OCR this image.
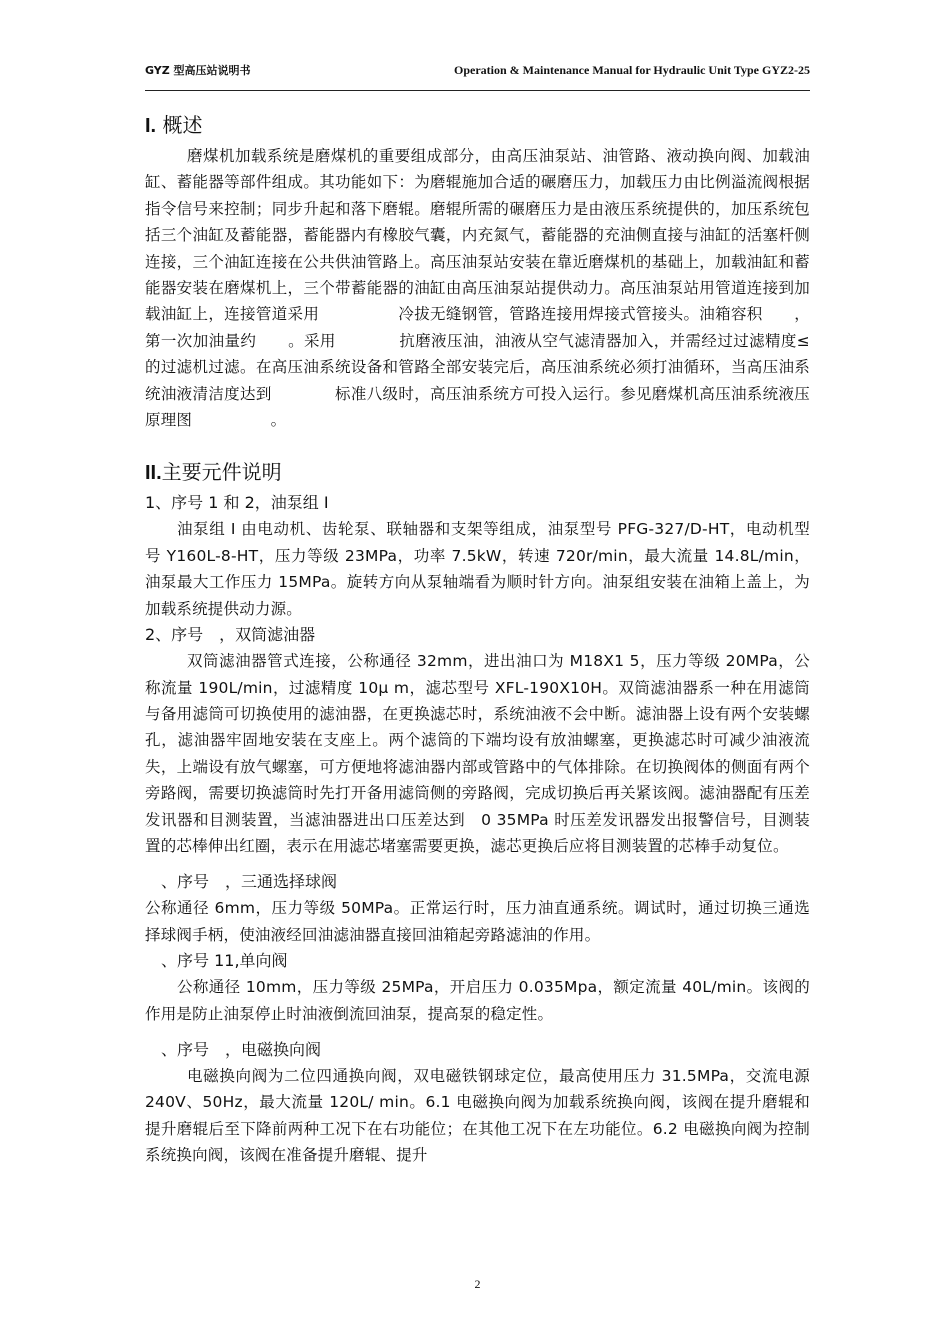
GYZ 型高压站说明书	Operation & Maintenance Manual for Hydraulic Unit Type GYZ2-25
I. 概述

磨煤机加载系统是磨煤机的重要组成部分，由高压油泵站、油管路、液动换向阀、加载油缸、蓄能器等部件组成。其功能如下：为磨辊施加合适的碾磨压力，加载压力由比例溢流阀根据指令信号来控制；同步升起和落下磨辊。磨辊所需的碾磨压力是由液压系统提供的，加压系统包括三个油缸及蓄能器，蓄能器内有橡胶气囊，内充氮气，蓄能器的充油侧直接与油缸的活塞杆侧连接，三个油缸连接在公共供油管路上。高压油泵站安装在靠近磨煤机的基础上，加载油缸和蓄能器安装在磨煤机上，三个带蓄能器的油缸由高压油泵站提供动力。高压油泵站用管道连接到加载油缸上，连接管道采用　　　　　冷拔无缝钢管，管路连接用焊接式管接头。油箱容积　　，第一次加油量约　　。采用　　　　抗磨液压油，油液从空气滤清器加入，并需经过过滤精度≤　　　的过滤机过滤。在高压油系统设备和管路全部安装完后，高压油系统必须打油循环，当高压油系统油液清洁度达到　　　　标准八级时，高压油系统方可投入运行。参见磨煤机高压油系统液压原理图　　　　　。

II.主要元件说明
1、序号 1 和 2，油泵组 I

油泵组 I 由电动机、齿轮泵、联轴器和支架等组成，油泵型号 PFG-327/D-HT，电动机型号 Y160L-8-HT，压力等级 23MPa，功率 7.5kW，转速 720r/min，最大流量 14.8L/min，油泵最大工作压力 15MPa。旋转方向从泵轴端看为顺时针方向。油泵组安装在油箱上盖上，为加载系统提供动力源。

2、序号　，双筒滤油器

双筒滤油器管式连接，公称通径 32mm，进出油口为 M18X1 5，压力等级 20MPa，公称流量 190L/min，过滤精度 10μ m，滤芯型号 XFL-190X10H。双筒滤油器系一种在用滤筒与备用滤筒可切换使用的滤油器，在更换滤芯时，系统油液不会中断。滤油器上设有两个安装螺孔，滤油器牢固地安装在支座上。两个滤筒的下端均设有放油螺塞，更换滤芯时可减少油液流失，上端设有放气螺塞，可方便地将滤油器内部或管路中的气体排除。在切换阀体的侧面有两个旁路阀，需要切换滤筒时先打开备用滤筒侧的旁路阀，完成切换后再关紧该阀。滤油器配有压差发讯器和目测装置，当滤油器进出口压差达到　0 35MPa 时压差发讯器发出报警信号，目测装置的芯棒伸出红圈，表示在用滤芯堵塞需要更换，滤芯更换后应将目测装置的芯棒手动复位。

　、序号　，三通选择球阀

公称通径 6mm，压力等级 50MPa。正常运行时，压力油直通系统。调试时，通过切换三通选择球阀手柄，使油液经回油滤油器直接回油箱起旁路滤油的作用。

　、序号 11,单向阀

公称通径 10mm，压力等级 25MPa，开启压力 0.035Mpa，额定流量 40L/min。该阀的作用是防止油泵停止时油液倒流回油泵，提高泵的稳定性。

　、序号　，电磁换向阀

电磁换向阀为二位四通换向阀，双电磁铁钢球定位，最高使用压力 31.5MPa，交流电源 240V、50Hz，最大流量 120L/ min。6.1 电磁换向阀为加载系统换向阀，该阀在提升磨辊和提升磨辊后至下降前两种工况下在右功能位；在其他工况下在左功能位。6.2 电磁换向阀为控制系统换向阀，该阀在准备提升磨辊、提升

2
